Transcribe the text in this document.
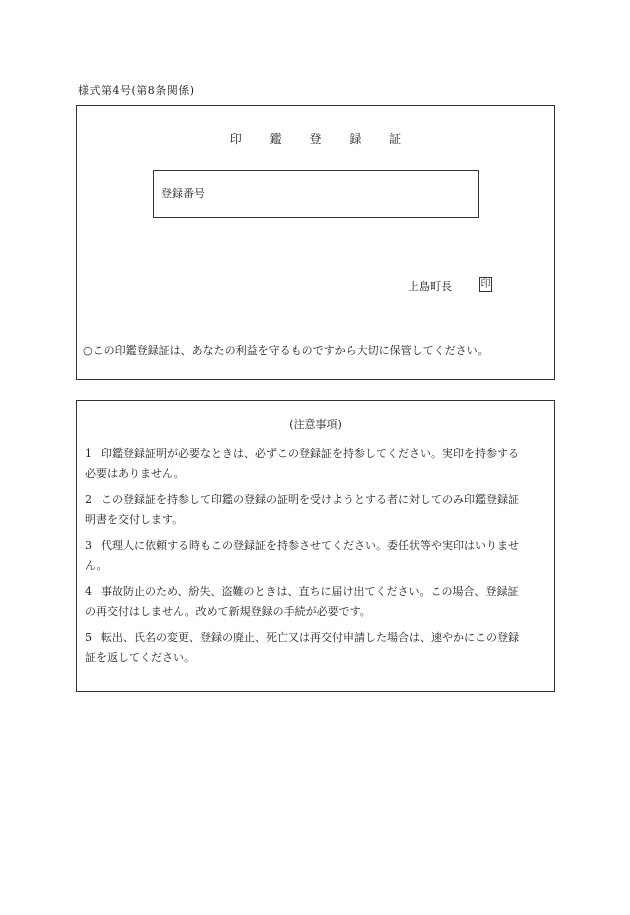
様式第4号(第8条関係)
印 鑑 登 録 証
登録番号
上島町長	印
○この印鑑登録証は、あなたの利益を守るものですから大切に保管してください。
(注意事項)
1 印鑑登録証明が必要なときは、必ずこの登録証を持参してください。実印を持参する
必要はありません。
2 この登録証を持参して印鑑の登録の証明を受けようとする者に対してのみ印鑑登録証
明書を交付します。
3 代理人に依頼する時もこの登録証を持参させてください。委任状等や実印はいりませ
ん。
4 事故防止のため、紛失、盗難のときは、直ちに届け出てください。この場合、登録証
の再交付はしません。改めて新規登録の手続が必要です。
5 転出、氏名の変更、登録の廃止、死亡又は再交付申請した場合は、速やかにこの登録
証を返してください。
